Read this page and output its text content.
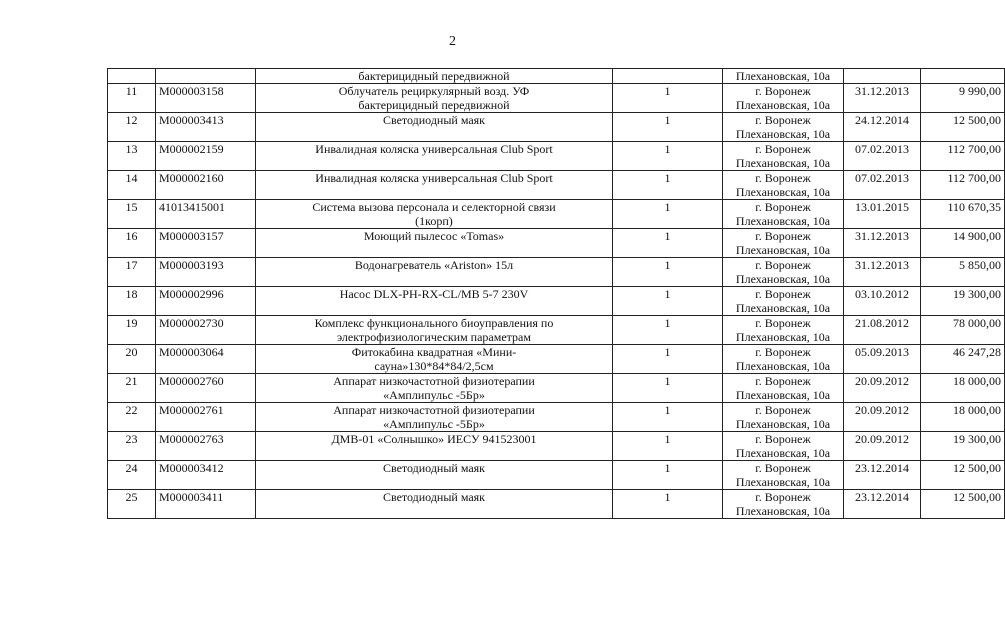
2

		бактерицидный передвижной		Плехановская, 10а		

11	М000003158	Облучатель рециркулярный возд. УФ
бактерицидный передвижной	1	г. Воронеж
Плехановская, 10а	31.12.2013	9 990,00
12	М000003413	Светодиодный маяк	1	г. Воронеж
Плехановская, 10а	24.12.2014	12 500,00
13	М000002159	Инвалидная коляска универсальная Club Sport	1	г. Воронеж
Плехановская, 10а	07.02.2013	112 700,00
14	М000002160	Инвалидная коляска универсальная Club Sport	1	г. Воронеж
Плехановская, 10а	07.02.2013	112 700,00
15	41013415001	Система вызова персонала и селекторной связи
(1корп)	1	г. Воронеж
Плехановская, 10а	13.01.2015	110 670,35
16	М000003157	Моющий пылесос «Tomas»	1	г. Воронеж
Плехановская, 10а	31.12.2013	14 900,00
17	М000003193	Водонагреватель «Ariston» 15л	1	г. Воронеж
Плехановская, 10а	31.12.2013	5 850,00
18	М000002996	Насос DLX-PH-RX-CL/MB 5-7 230V	1	г. Воронеж
Плехановская, 10а	03.10.2012	19 300,00
19	М000002730	Комплекс функционального биоуправления по
электрофизиологическим параметрам	1	г. Воронеж
Плехановская, 10а	21.08.2012	78 000,00
20	М000003064	Фитокабина квадратная «Мини-
сауна»130*84*84/2,5см	1	г. Воронеж
Плехановская, 10а	05.09.2013	46 247,28
21	М000002760	Аппарат низкочастотной физиотерапии
«Амплипульс -5Бр»	1	г. Воронеж
Плехановская, 10а	20.09.2012	18 000,00
22	М000002761	Аппарат низкочастотной физиотерапии
«Амплипульс -5Бр»	1	г. Воронеж
Плехановская, 10а	20.09.2012	18 000,00
23	М000002763	ДМВ-01 «Солнышко» ИЕСУ 941523001	1	г. Воронеж
Плехановская, 10а	20.09.2012	19 300,00
24	М000003412	Светодиодный маяк	1	г. Воронеж
Плехановская, 10а	23.12.2014	12 500,00
25	М000003411	Светодиодный маяк	1	г. Воронеж
Плехановская, 10а	23.12.2014	12 500,00
